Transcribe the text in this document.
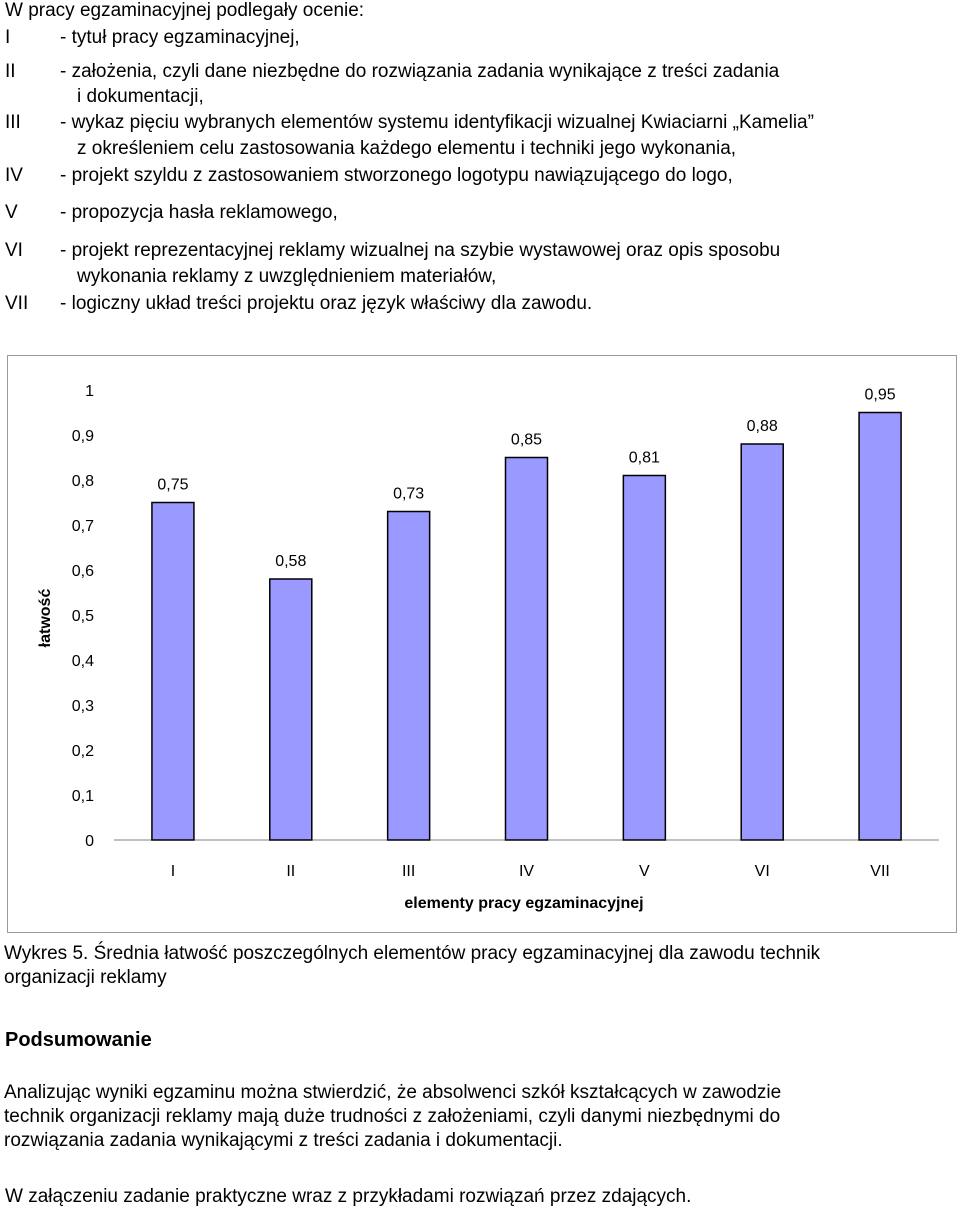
W pracy egzaminacyjnej podlegały ocenie:
I	- tytuł pracy egzaminacyjnej,
II - założenia, czyli dane niezbędne do rozwiązania zadania wynikające z treści zadania
i dokumentacji,
III - wykaz pięciu wybranych elementów systemu identyfikacji wizualnej Kwiaciarni „Kamelia”
z określeniem celu zastosowania każdego elementu i techniki jego wykonania,
IV - projekt szyldu z zastosowaniem stworzonego logotypu nawiązującego do logo,
V - propozycja hasła reklamowego,
VI - projekt reprezentacyjnej reklamy wizualnej na szybie wystawowej oraz opis sposobu
wykonania reklamy z uwzględnieniem materiałów,
VII - logiczny układ treści projektu oraz język właściwy dla zawodu.
0
0,1
0,2
0,3
0,4
0,5
0,6
0,7
0,8
0,9
1
0,75
0,58
0,73
0,85
0,81
0,88
0,95
I	II	III	IV	V	VI	VII
łatwość
elementy pracy egzaminacyjnej
Wykres 5. Średnia łatwość poszczególnych elementów pracy egzaminacyjnej dla zawodu technik
organizacji reklamy
Podsumowanie
Analizując wyniki egzaminu można stwierdzić, że absolwenci szkół kształcących w zawodzie
technik organizacji reklamy mają duże trudności z założeniami, czyli danymi niezbędnymi do
rozwiązania zadania wynikającymi z treści zadania i dokumentacji.
W załączeniu zadanie praktyczne wraz z przykładami rozwiązań przez zdających.
